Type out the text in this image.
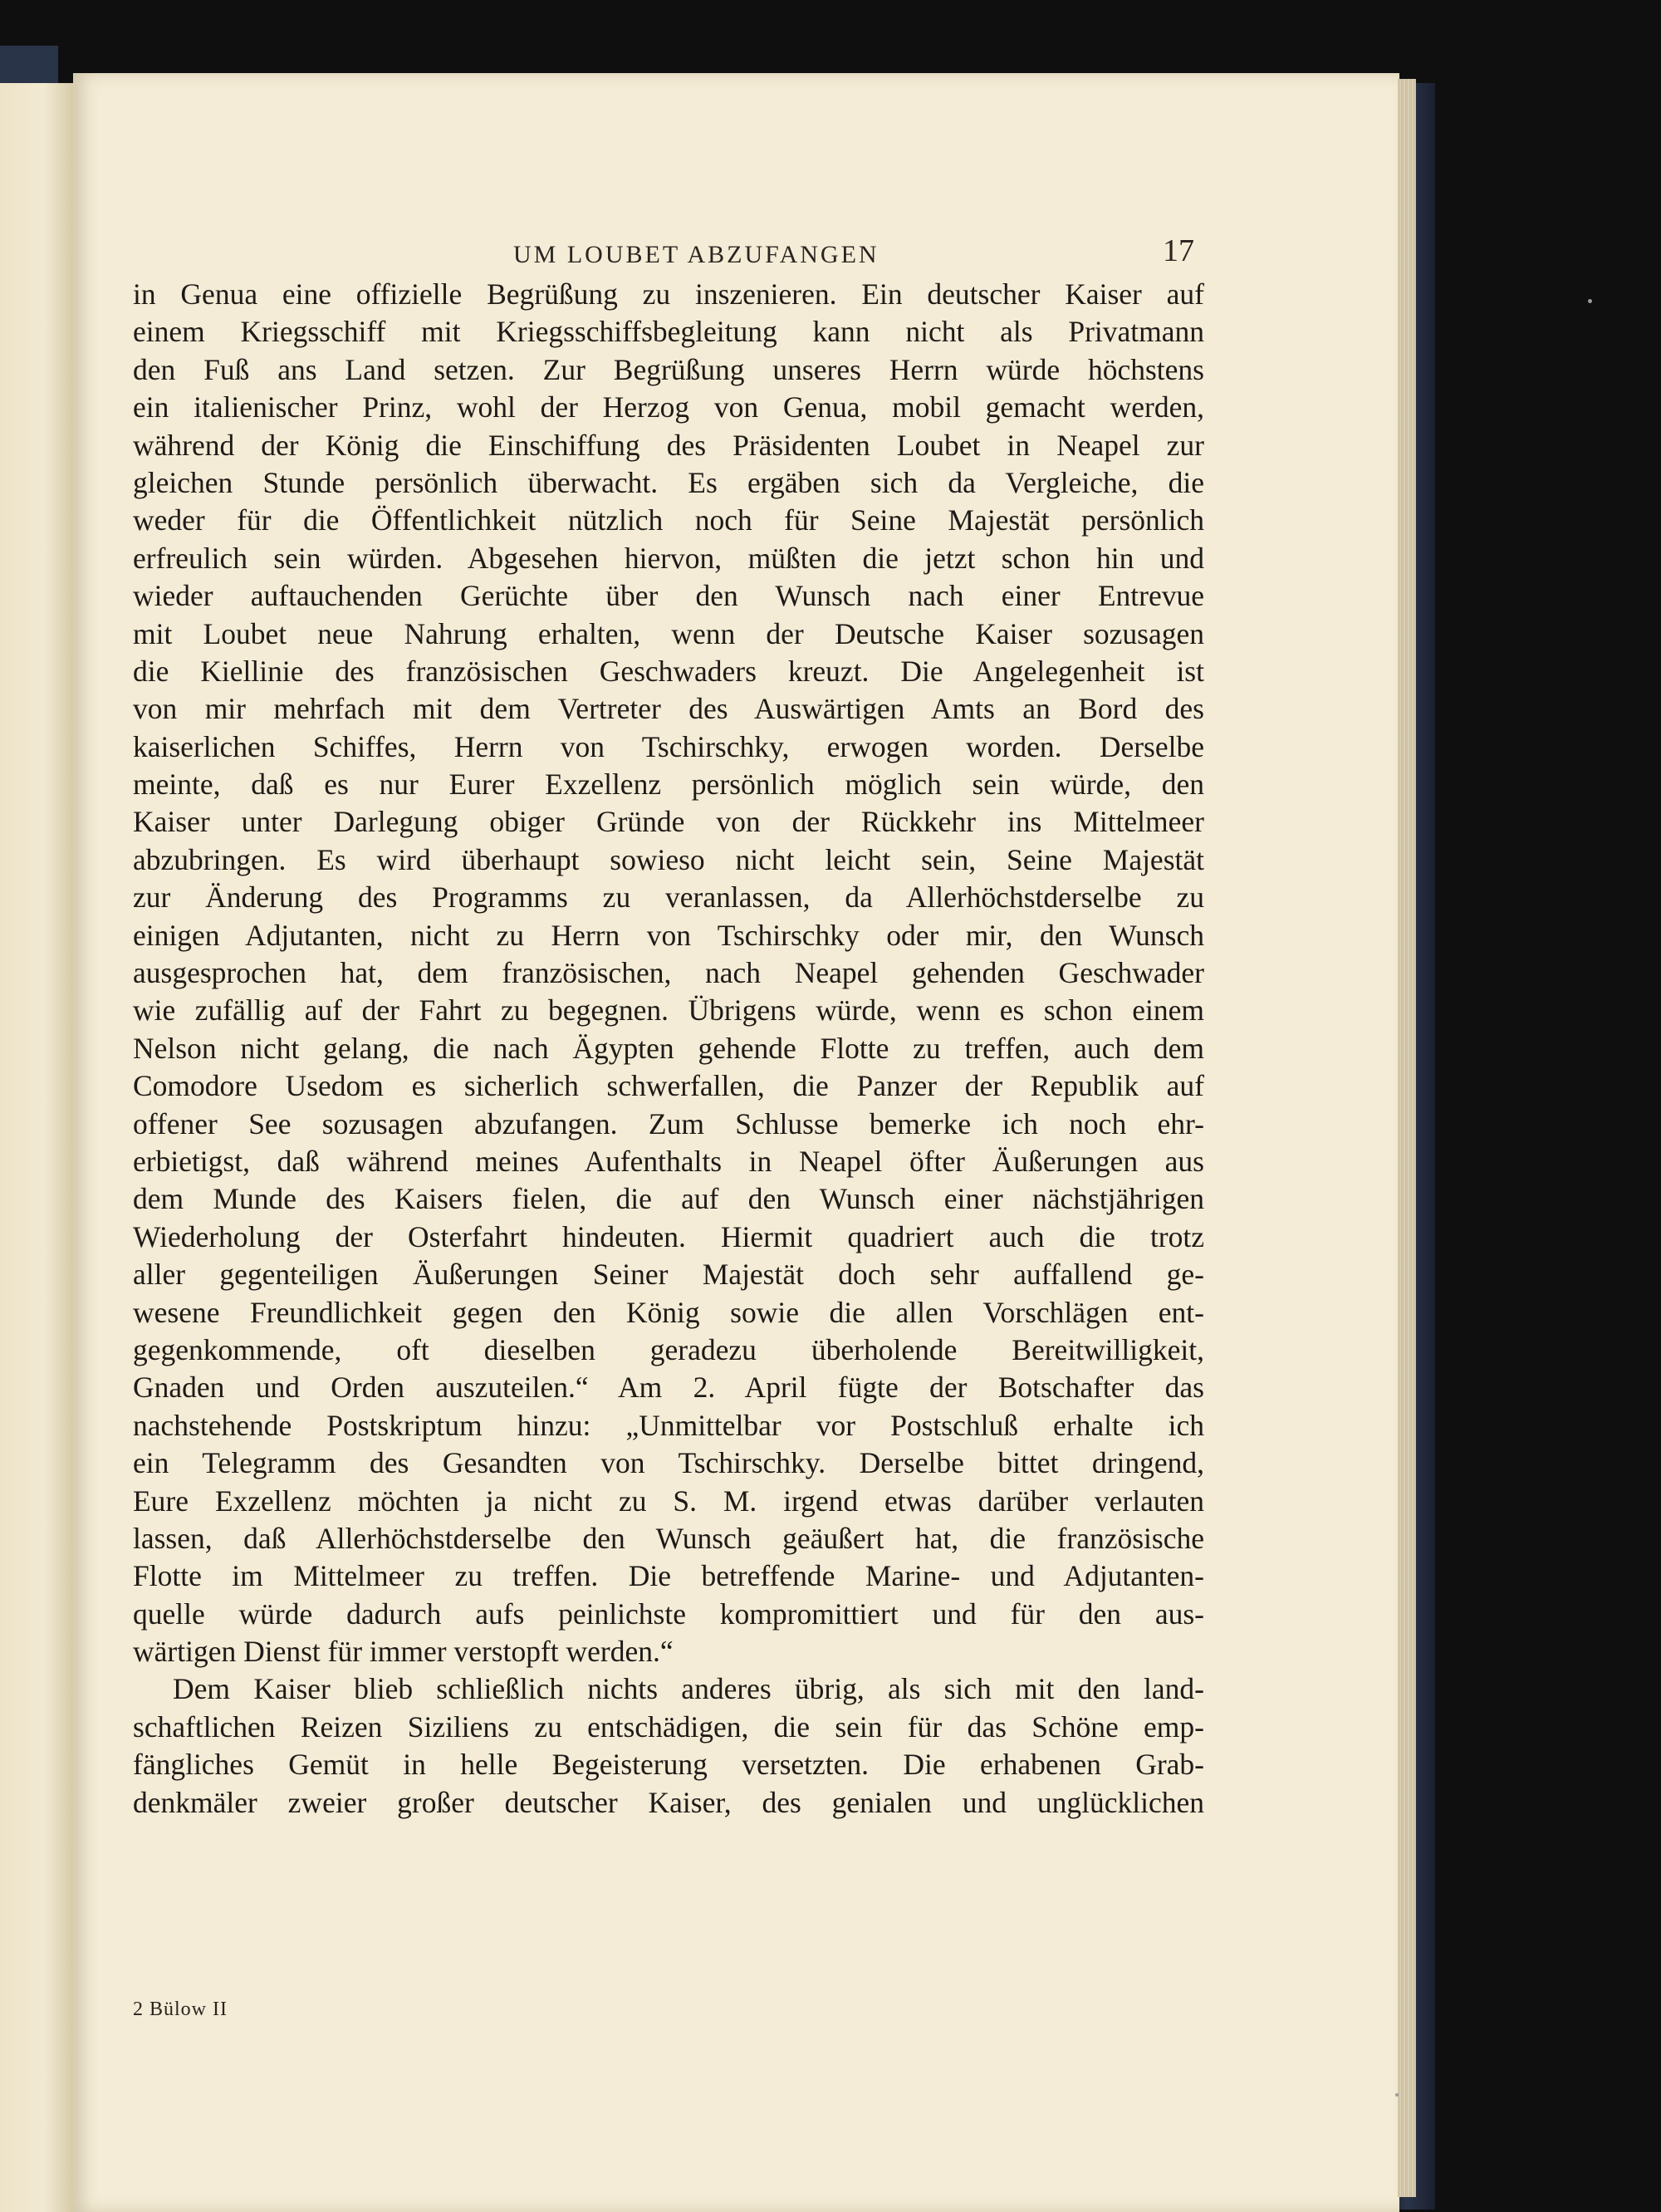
UM LOUBET ABZUFANGEN	17
in Genua eine offizielle Begrüßung zu inszenieren. Ein deutscher Kaiser auf
einem Kriegsschiff mit Kriegsschiffsbegleitung kann nicht als Privatmann
den Fuß ans Land setzen. Zur Begrüßung unseres Herrn würde höchstens
ein italienischer Prinz, wohl der Herzog von Genua, mobil gemacht werden,
während der König die Einschiffung des Präsidenten Loubet in Neapel zur
gleichen Stunde persönlich überwacht. Es ergäben sich da Vergleiche, die
weder für die Öffentlichkeit nützlich noch für Seine Majestät persönlich
erfreulich sein würden. Abgesehen hiervon, müßten die jetzt schon hin und
wieder auftauchenden Gerüchte über den Wunsch nach einer Entrevue
mit Loubet neue Nahrung erhalten, wenn der Deutsche Kaiser sozusagen
die Kiellinie des französischen Geschwaders kreuzt. Die Angelegenheit ist
von mir mehrfach mit dem Vertreter des Auswärtigen Amts an Bord des
kaiserlichen Schiffes, Herrn von Tschirschky, erwogen worden. Derselbe
meinte, daß es nur Eurer Exzellenz persönlich möglich sein würde, den
Kaiser unter Darlegung obiger Gründe von der Rückkehr ins Mittelmeer
abzubringen. Es wird überhaupt sowieso nicht leicht sein, Seine Majestät
zur Änderung des Programms zu veranlassen, da Allerhöchstderselbe zu
einigen Adjutanten, nicht zu Herrn von Tschirschky oder mir, den Wunsch
ausgesprochen hat, dem französischen, nach Neapel gehenden Geschwader
wie zufällig auf der Fahrt zu begegnen. Übrigens würde, wenn es schon einem
Nelson nicht gelang, die nach Ägypten gehende Flotte zu treffen, auch dem
Comodore Usedom es sicherlich schwerfallen, die Panzer der Republik auf
offener See sozusagen abzufangen. Zum Schlusse bemerke ich noch ehr-
erbietigst, daß während meines Aufenthalts in Neapel öfter Äußerungen aus
dem Munde des Kaisers fielen, die auf den Wunsch einer nächstjährigen
Wiederholung der Osterfahrt hindeuten. Hiermit quadriert auch die trotz
aller gegenteiligen Äußerungen Seiner Majestät doch sehr auffallend ge-
wesene Freundlichkeit gegen den König sowie die allen Vorschlägen ent-
gegenkommende, oft dieselben geradezu überholende Bereitwilligkeit,
Gnaden und Orden auszuteilen.“ Am 2. April fügte der Botschafter das
nachstehende Postskriptum hinzu: „Unmittelbar vor Postschluß erhalte ich
ein Telegramm des Gesandten von Tschirschky. Derselbe bittet dringend,
Eure Exzellenz möchten ja nicht zu S. M. irgend etwas darüber verlauten
lassen, daß Allerhöchstderselbe den Wunsch geäußert hat, die französische
Flotte im Mittelmeer zu treffen. Die betreffende Marine- und Adjutanten-
quelle würde dadurch aufs peinlichste kompromittiert und für den aus-
wärtigen Dienst für immer verstopft werden.“
Dem Kaiser blieb schließlich nichts anderes übrig, als sich mit den land-
schaftlichen Reizen Siziliens zu entschädigen, die sein für das Schöne emp-
fängliches Gemüt in helle Begeisterung versetzten. Die erhabenen Grab-
denkmäler zweier großer deutscher Kaiser, des genialen und unglücklichen
2 Bülow II
